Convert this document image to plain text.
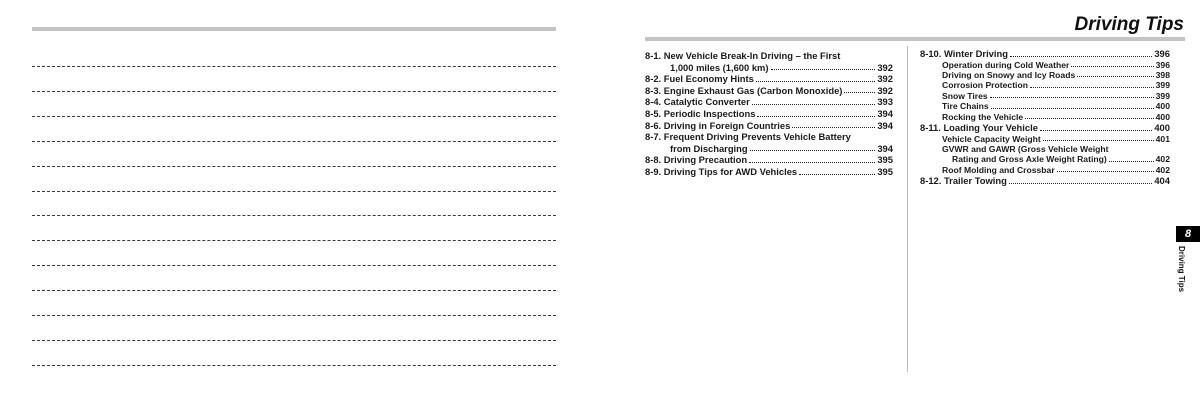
Driving Tips
8-1. New Vehicle Break-In Driving – the First
1,000 miles (1,600 km)	392
8-2. Fuel Economy Hints	392
8-3. Engine Exhaust Gas (Carbon Monoxide)	392
8-4. Catalytic Converter	393
8-5. Periodic Inspections	394
8-6. Driving in Foreign Countries	394
8-7. Frequent Driving Prevents Vehicle Battery
from Discharging	394
8-8. Driving Precaution	395
8-9. Driving Tips for AWD Vehicles	395
8-10. Winter Driving	396
Operation during Cold Weather	396
Driving on Snowy and Icy Roads	398
Corrosion Protection	399
Snow Tires	399
Tire Chains	400
Rocking the Vehicle	400
8-11. Loading Your Vehicle	400
Vehicle Capacity Weight	401
GVWR and GAWR (Gross Vehicle Weight
Rating and Gross Axle Weight Rating)	402
Roof Molding and Crossbar	402
8-12. Trailer Towing	404
8
Driving Tips
